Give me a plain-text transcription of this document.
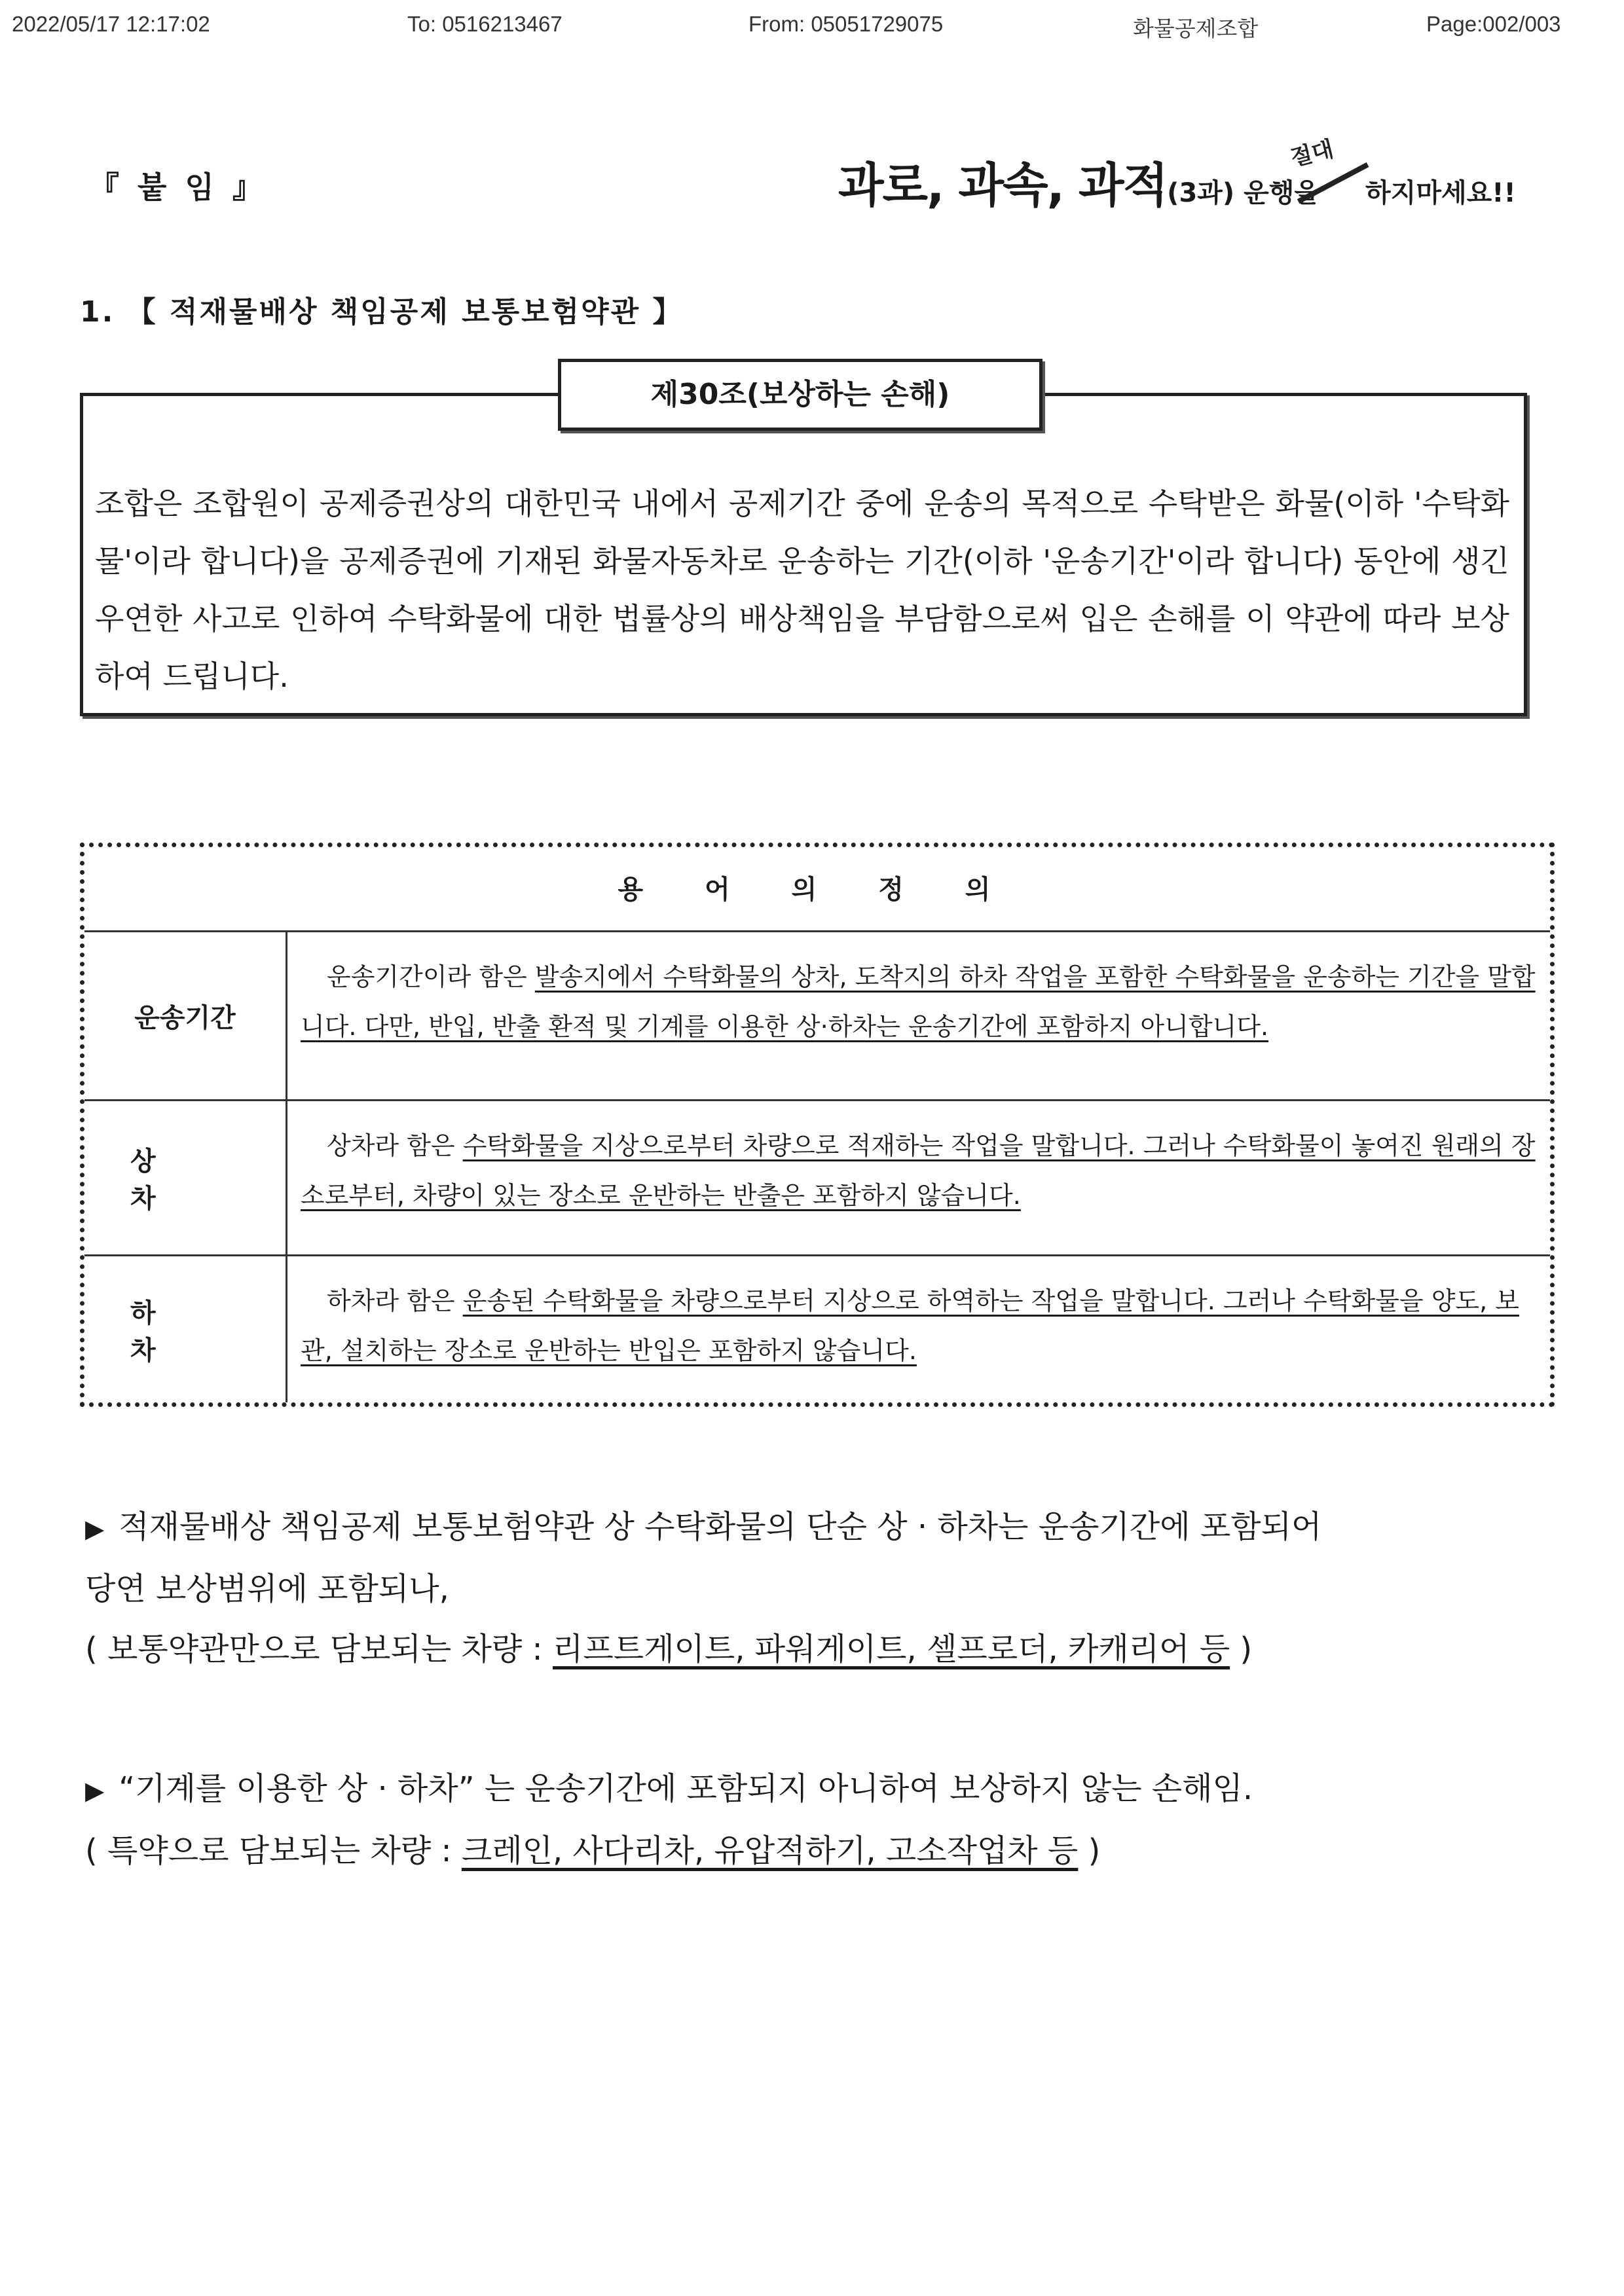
2022/05/17 12:17:02	To: 0516213467	From: 05051729075	화물공제조합	Page:002/003
『 붙 임 』	과로, 과속, 과적(3과) 운행을 하지마세요!!
절대
1. 【 적재물배상 책임공제 보통보험약관 】
제30조(보상하는 손해)
조합은 조합원이 공제증권상의 대한민국 내에서 공제기간 중에 운송의 목적으로 수탁받은 화물(이하 '수탁화물'이라 합니다)을 공제증권에 기재된 화물자동차로 운송하는 기간(이하 '운송기간'이라 합니다) 동안에 생긴 우연한 사고로 인하여 수탁화물에 대한 법률상의 배상책임을 부담함으로써 입은 손해를 이 약관에 따라 보상하여 드립니다.
용 어 의 정 의
운송기간
운송기간이라 함은 발송지에서 수탁화물의 상차, 도착지의 하차 작업을 포함한 수탁화물을 운송하는 기간을 말합니다. 다만, 반입, 반출 환적 및 기계를 이용한 상·하차는 운송기간에 포함하지 아니합니다.
상 차
상차라 함은 수탁화물을 지상으로부터 차량으로 적재하는 작업을 말합니다. 그러나 수탁화물이 놓여진 원래의 장소로부터, 차량이 있는 장소로 운반하는 반출은 포함하지 않습니다.
하 차
하차라 함은 운송된 수탁화물을 차량으로부터 지상으로 하역하는 작업을 말합니다. 그러나 수탁화물을 양도, 보관, 설치하는 장소로 운반하는 반입은 포함하지 않습니다.
▶ 적재물배상 책임공제 보통보험약관 상 수탁화물의 단순 상 · 하차는 운송기간에 포함되어
당연 보상범위에 포함되나,
( 보통약관만으로 담보되는 차량 : 리프트게이트, 파워게이트, 셀프로더, 카캐리어 등 )
▶ “기계를 이용한 상 · 하차” 는 운송기간에 포함되지 아니하여 보상하지 않는 손해임.
( 특약으로 담보되는 차량 : 크레인, 사다리차, 유압적하기, 고소작업차 등 )
